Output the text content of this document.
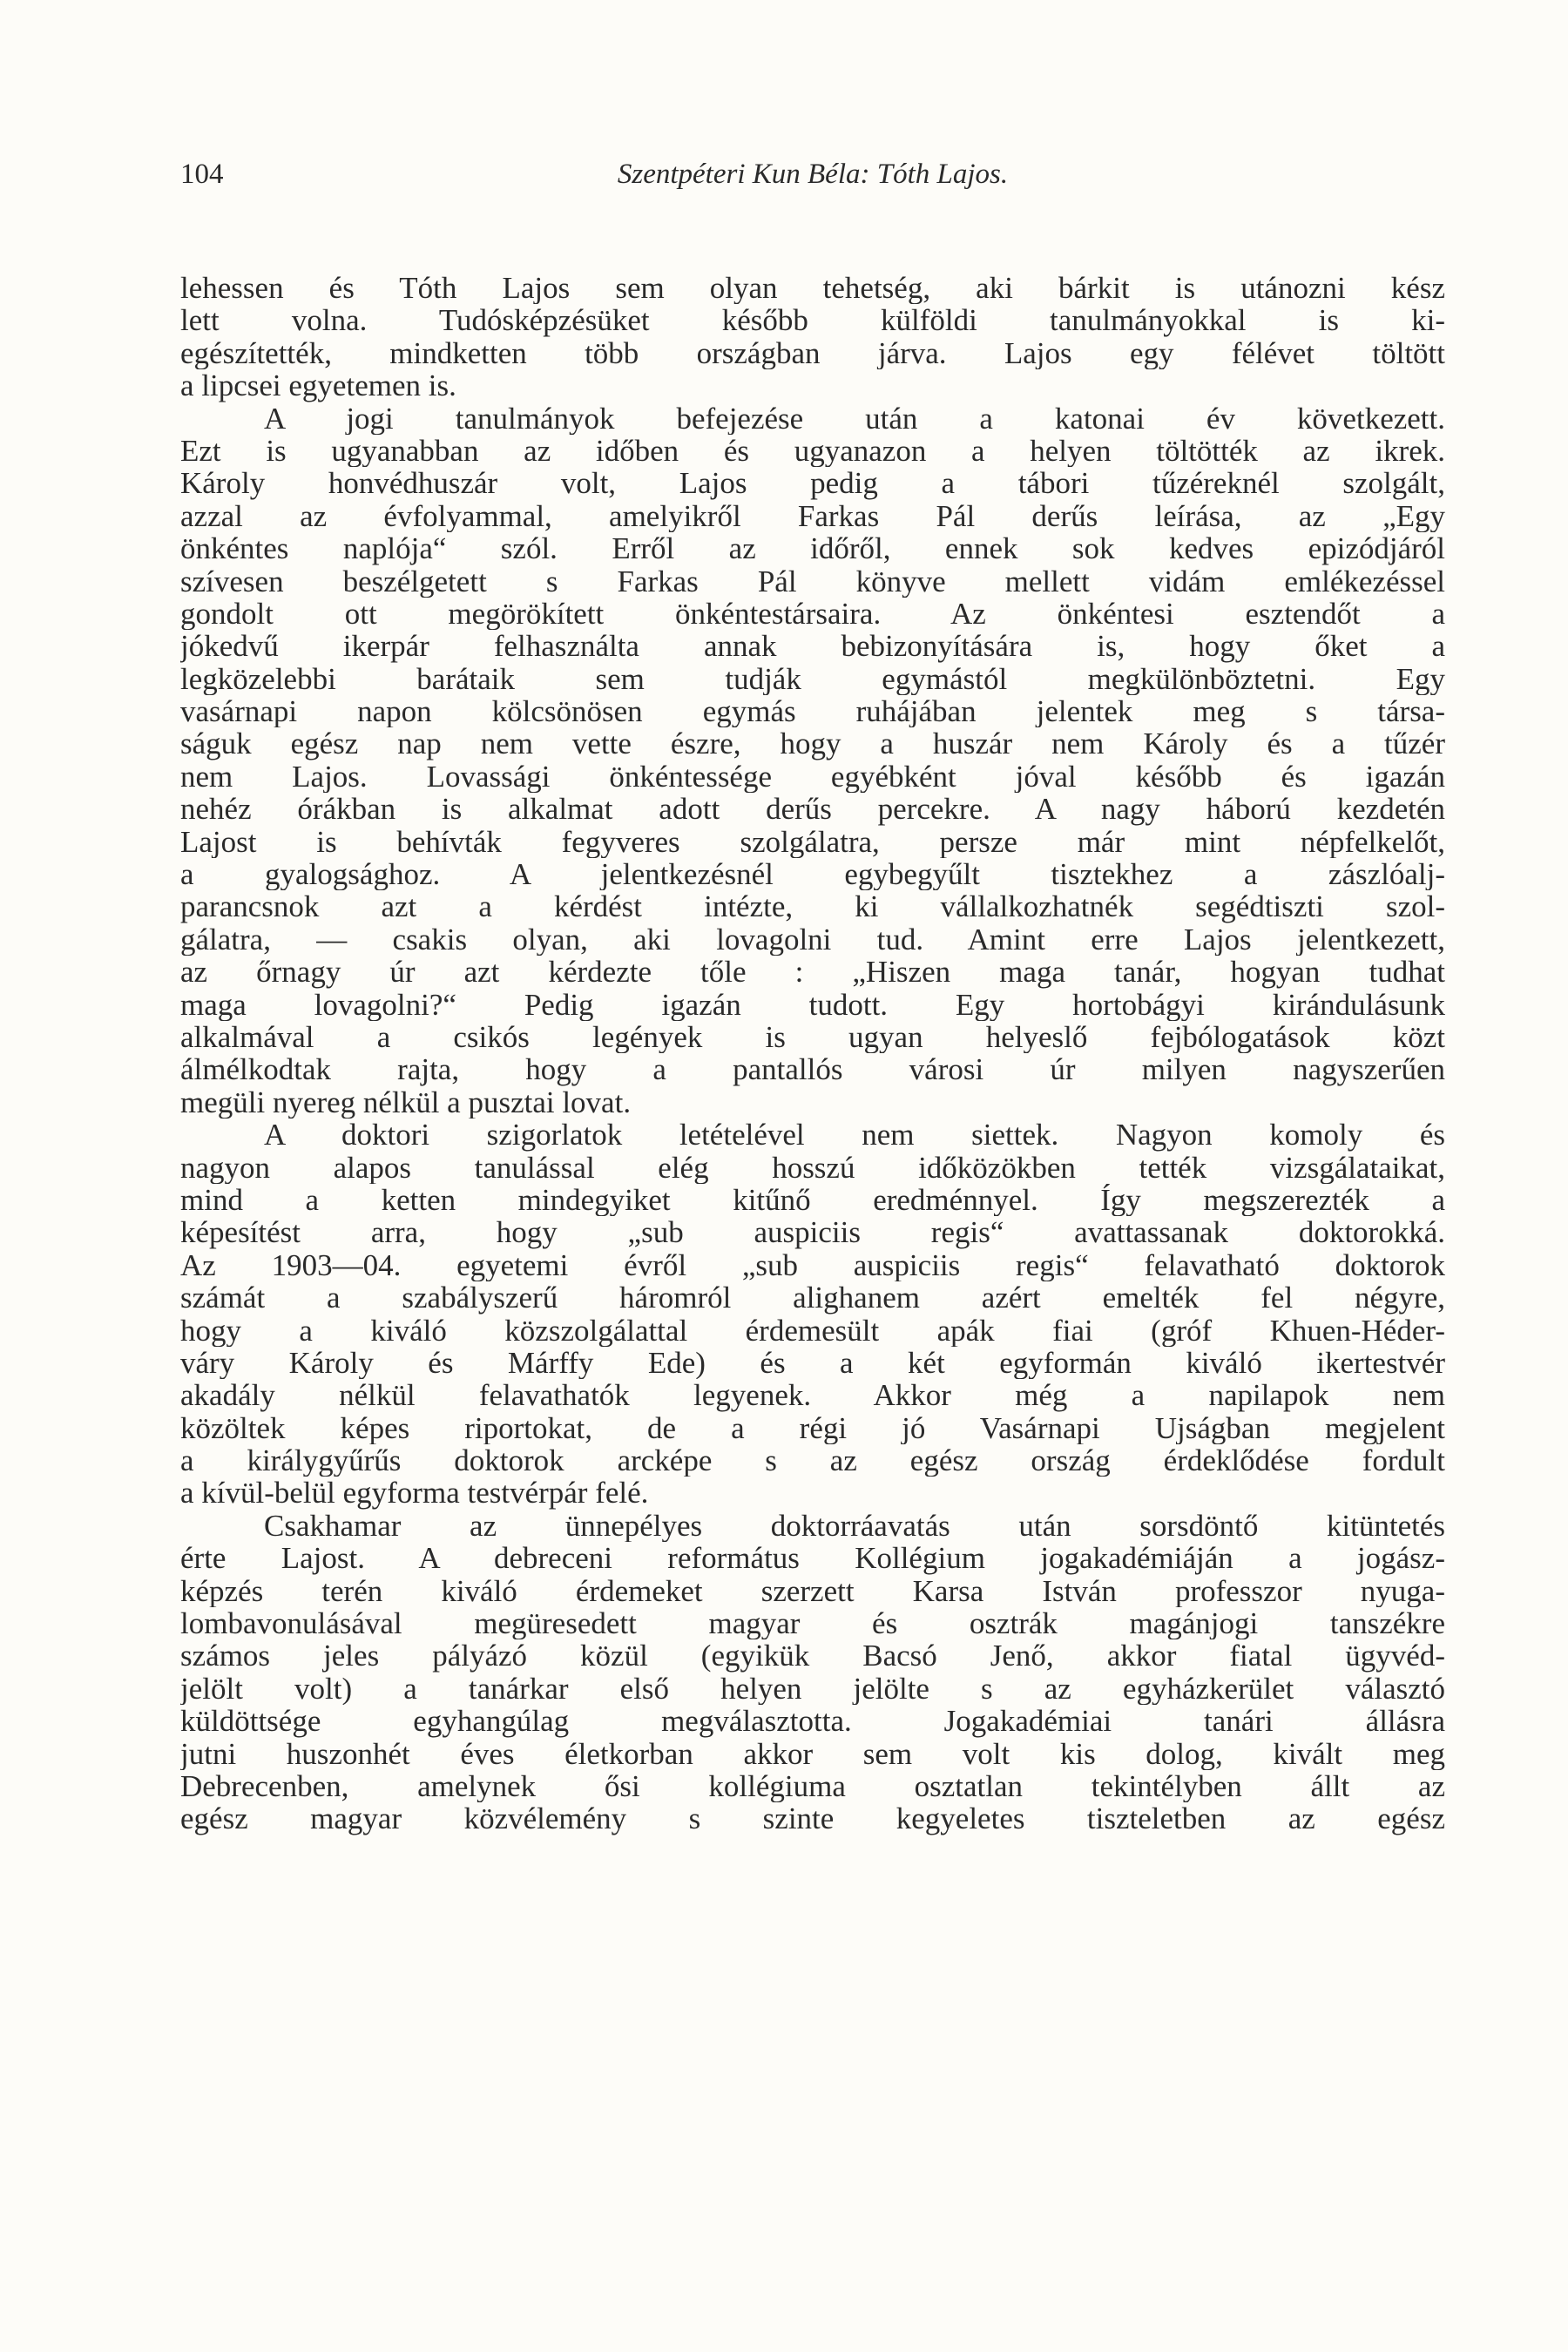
104	Szentpéteri Kun Béla: Tóth Lajos.
lehessen és Tóth Lajos sem olyan tehetség, aki bárkit is utánozni kész
lett volna. Tudósképzésüket később külföldi tanulmányokkal is ki-
egészítették, mindketten több országban járva. Lajos egy félévet töltött
a lipcsei egyetemen is.
A jogi tanulmányok befejezése után a katonai év következett.
Ezt is ugyanabban az időben és ugyanazon a helyen töltötték az ikrek.
Károly honvédhuszár volt, Lajos pedig a tábori tűzéreknél szolgált,
azzal az évfolyammal, amelyikről Farkas Pál derűs leírása, az „Egy
önkéntes naplója“ szól. Erről az időről, ennek sok kedves epizódjáról
szívesen beszélgetett s Farkas Pál könyve mellett vidám emlékezéssel
gondolt ott megörökített önkéntestársaira. Az önkéntesi esztendőt a
jókedvű ikerpár felhasználta annak bebizonyítására is, hogy őket a
legközelebbi barátaik sem tudják egymástól megkülönböztetni. Egy
vasárnapi napon kölcsönösen egymás ruhájában jelentek meg s társa-
ságuk egész nap nem vette észre, hogy a huszár nem Károly és a tűzér
nem Lajos. Lovassági önkéntessége egyébként jóval később és igazán
nehéz órákban is alkalmat adott derűs percekre. A nagy háború kezdetén
Lajost is behívták fegyveres szolgálatra, persze már mint népfelkelőt,
a gyalogsághoz. A jelentkezésnél egybegyűlt tisztekhez a zászlóalj-
parancsnok azt a kérdést intézte, ki vállalkozhatnék segédtiszti szol-
gálatra, — csakis olyan, aki lovagolni tud. Amint erre Lajos jelentkezett,
az őrnagy úr azt kérdezte tőle : „Hiszen maga tanár, hogyan tudhat
maga lovagolni?“ Pedig igazán tudott. Egy hortobágyi kirándulásunk
alkalmával a csikós legények is ugyan helyeslő fejbólogatások közt
álmélkodtak rajta, hogy a pantallós városi úr milyen nagyszerűen
megüli nyereg nélkül a pusztai lovat.
A doktori szigorlatok letételével nem siettek. Nagyon komoly és
nagyon alapos tanulással elég hosszú időközökben tették vizsgálataikat,
mind a ketten mindegyiket kitűnő eredménnyel. Így megszerezték a
képesítést arra, hogy „sub auspiciis regis“ avattassanak doktorokká.
Az 1903—04. egyetemi évről „sub auspiciis regis“ felavatható doktorok
számát a szabályszerű háromról alighanem azért emelték fel négyre,
hogy a kiváló közszolgálattal érdemesült apák fiai (gróf Khuen-Héder-
váry Károly és Márffy Ede) és a két egyformán kiváló ikertestvér
akadály nélkül felavathatók legyenek. Akkor még a napilapok nem
közöltek képes riportokat, de a régi jó Vasárnapi Ujságban megjelent
a királygyűrűs doktorok arcképe s az egész ország érdeklődése fordult
a kívül-belül egyforma testvérpár felé.
Csakhamar az ünnepélyes doktorráavatás után sorsdöntő kitüntetés
érte Lajost. A debreceni református Kollégium jogakadémiáján a jogász-
képzés terén kiváló érdemeket szerzett Karsa István professzor nyuga-
lombavonulásával megüresedett magyar és osztrák magánjogi tanszékre
számos jeles pályázó közül (egyikük Bacsó Jenő, akkor fiatal ügyvéd-
jelölt volt) a tanárkar első helyen jelölte s az egyházkerület választó
küldöttsége egyhangúlag megválasztotta. Jogakadémiai tanári állásra
jutni huszonhét éves életkorban akkor sem volt kis dolog, kivált meg
Debrecenben, amelynek ősi kollégiuma osztatlan tekintélyben állt az
egész magyar közvélemény s szinte kegyeletes tiszteletben az egész
